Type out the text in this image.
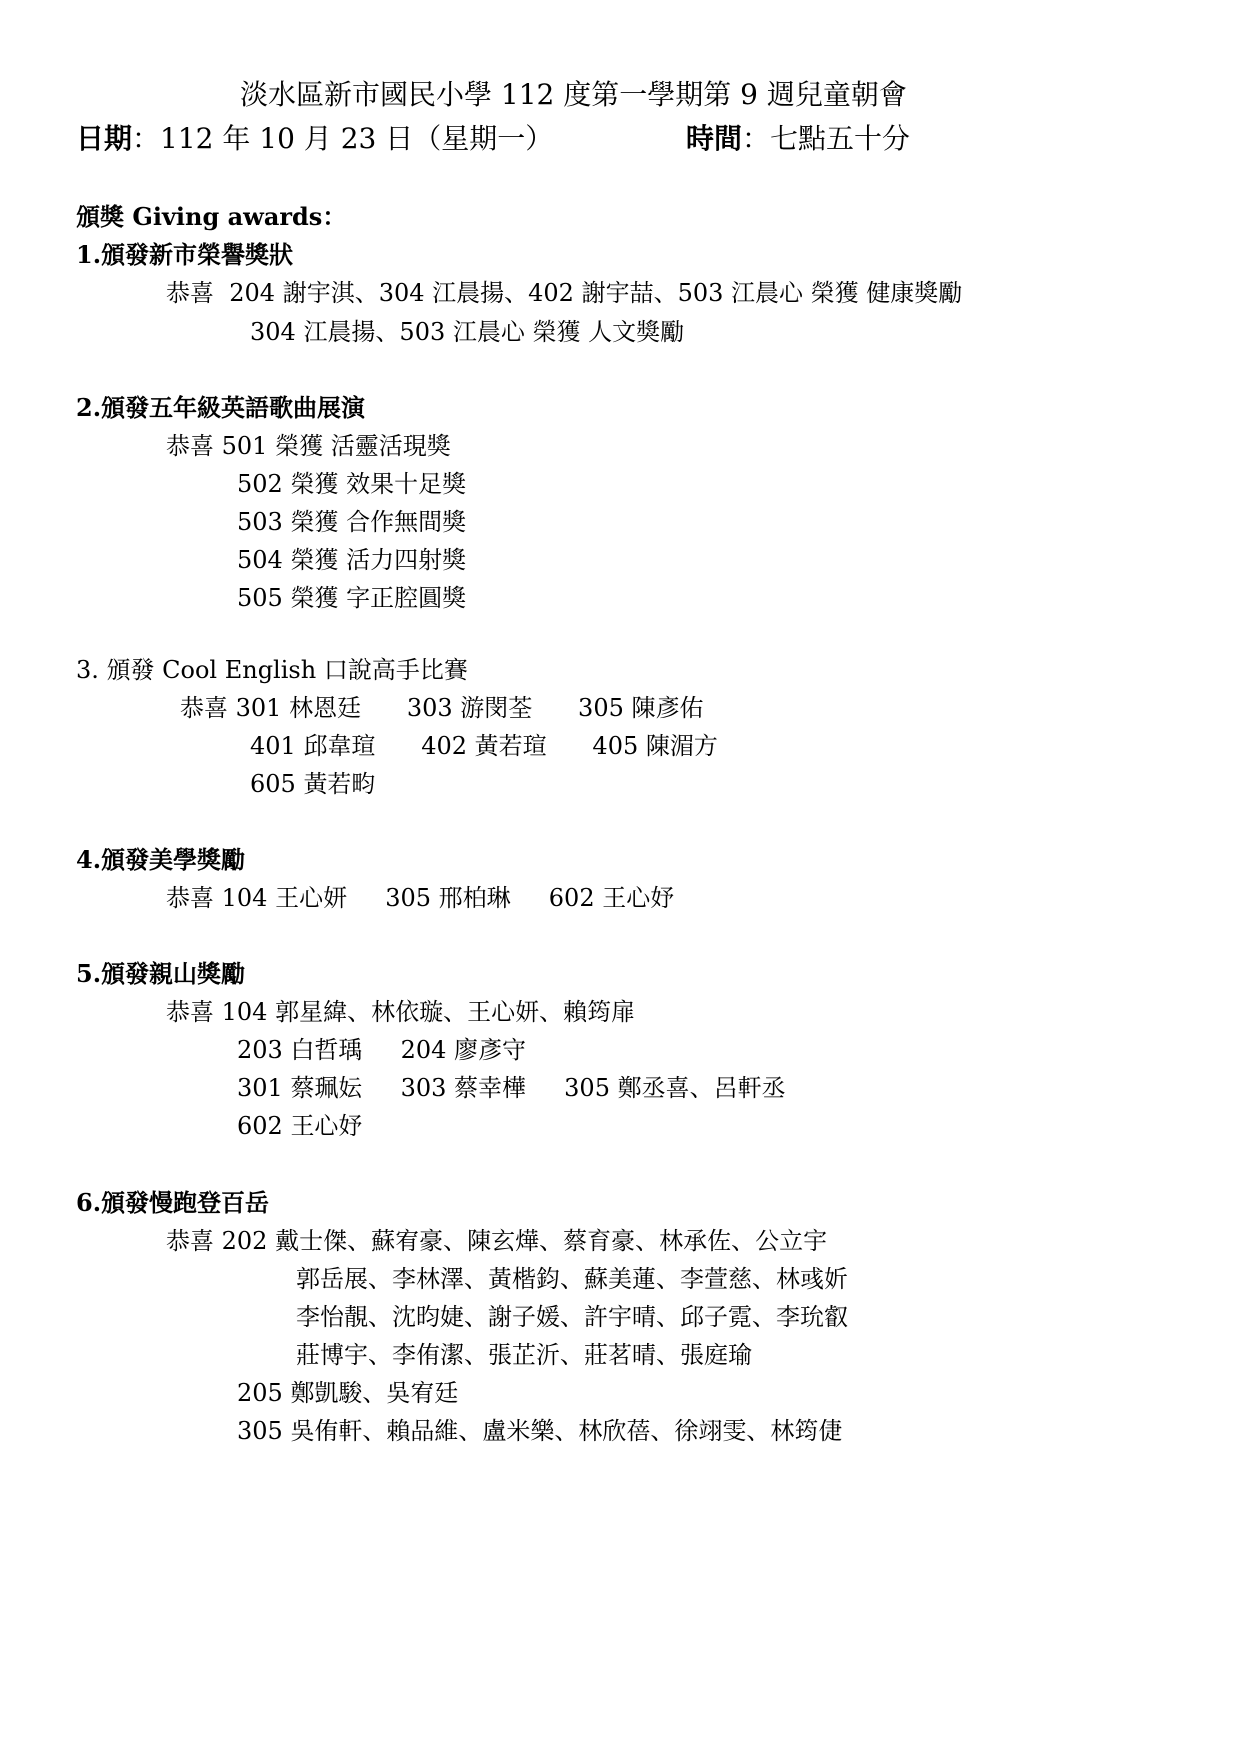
淡水區新市國民小學 112 度第一學期第 9 週兒童朝會
日期：112 年 10 月 23 日（星期一）	時間：七點五十分
頒獎 Giving awards：
1.頒發新市榮譽獎狀
恭喜  204 謝宇淇、304 江晨揚、402 謝宇喆、503 江晨心 榮獲 健康獎勵
304 江晨揚、503 江晨心 榮獲 人文獎勵
2.頒發五年級英語歌曲展演
恭喜 501 榮獲 活靈活現獎
502 榮獲 效果十足獎
503 榮獲 合作無間獎
504 榮獲 活力四射獎
505 榮獲 字正腔圓獎
3. 頒發 Cool English 口說高手比賽
恭喜 301 林恩廷      303 游閔荃      305 陳彥佑
401 邱韋瑄      402 黃若瑄      405 陳湄方
605 黃若畇
4.頒發美學獎勵
恭喜 104 王心妍     305 邢柏琳     602 王心妤
5.頒發親山獎勵
恭喜 104 郭星緯、林依璇、王心妍、賴筠扉
203 白哲瑀     204 廖彥守
301 蔡珮妘     303 蔡幸樺     305 鄭丞喜、呂軒丞
602 王心妤
6.頒發慢跑登百岳
恭喜 202 戴士傑、蘇宥豪、陳玄燁、蔡育豪、林承佐、公立宇
郭岳展、李林澤、黃楷鈞、蘇美蓮、李萱慈、林彧妡
李怡靚、沈昀婕、謝子媛、許宇晴、邱子霓、李玧叡
莊博宇、李侑潔、張芷沂、莊茗晴、張庭瑜
205 鄭凱駿、吳宥廷
305 吳侑軒、賴品維、盧米樂、林欣蓓、徐翊雯、林筠倢
